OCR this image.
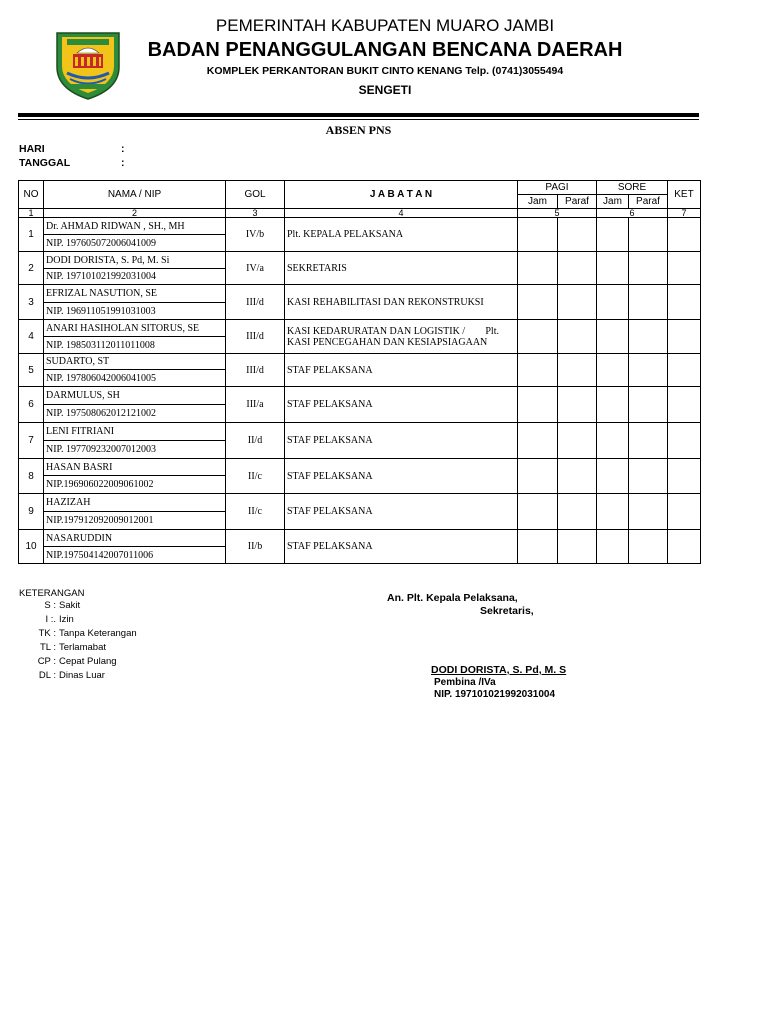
PEMERINTAH KABUPATEN MUARO JAMBI
BADAN PENANGGULANGAN BENCANA DAERAH
KOMPLEK PERKANTORAN BUKIT CINTO KENANG Telp. (0741)3055494
SENGETI
ABSEN PNS
HARI	:
TANGGAL	:
NO	NAMA / NIP	GOL	J A B A T A N	PAGI		SORE		KET
				Jam	Paraf	Jam	Paraf	
1	2	3	4	5		6		7
1	Dr. AHMAD RIDWAN , SH., MH	IV/b	Plt. KEPALA PELAKSANA					

	NIP. 197605072006041009							
2	DODI DORISTA, S. Pd, M. Si	IV/a	SEKRETARIS					

	NIP. 197101021992031004							
3	EFRIZAL NASUTION, SE	III/d	KASI REHABILITASI DAN REKONSTRUKSI					

	NIP. 196911051991031003							
4	ANARI HASIHOLAN SITORUS, SE	III/d	Plt.
KASI KEDARURATAN DAN LOGISTIK /
KASI PENCEGAHAN DAN KESIAPSIAGAAN					

	NIP. 198503112011011008							
5	SUDARTO, ST	III/d	STAF PELAKSANA					

	NIP. 197806042006041005							
6	DARMULUS, SH	III/a	STAF PELAKSANA					

	NIP. 197508062012121002							
7	LENI FITRIANI	II/d	STAF PELAKSANA					

	NIP. 197709232007012003							
8	HASAN BASRI	II/c	STAF PELAKSANA					

	NIP.196906022009061002							
9	HAZIZAH	II/c	STAF PELAKSANA					

	NIP.197912092009012001							
10	NASARUDDIN	II/b	STAF PELAKSANA					

	NIP.197504142007011006							
KETERANGAN
S : Sakit
I :. Izin
TK : Tanpa Keterangan
TL : Terlamabat
CP : Cepat Pulang
DL : Dinas Luar
An. Plt. Kepala Pelaksana,
Sekretaris,
DODI DORISTA, S. Pd, M. S
Pembina /IVa
NIP. 197101021992031004
